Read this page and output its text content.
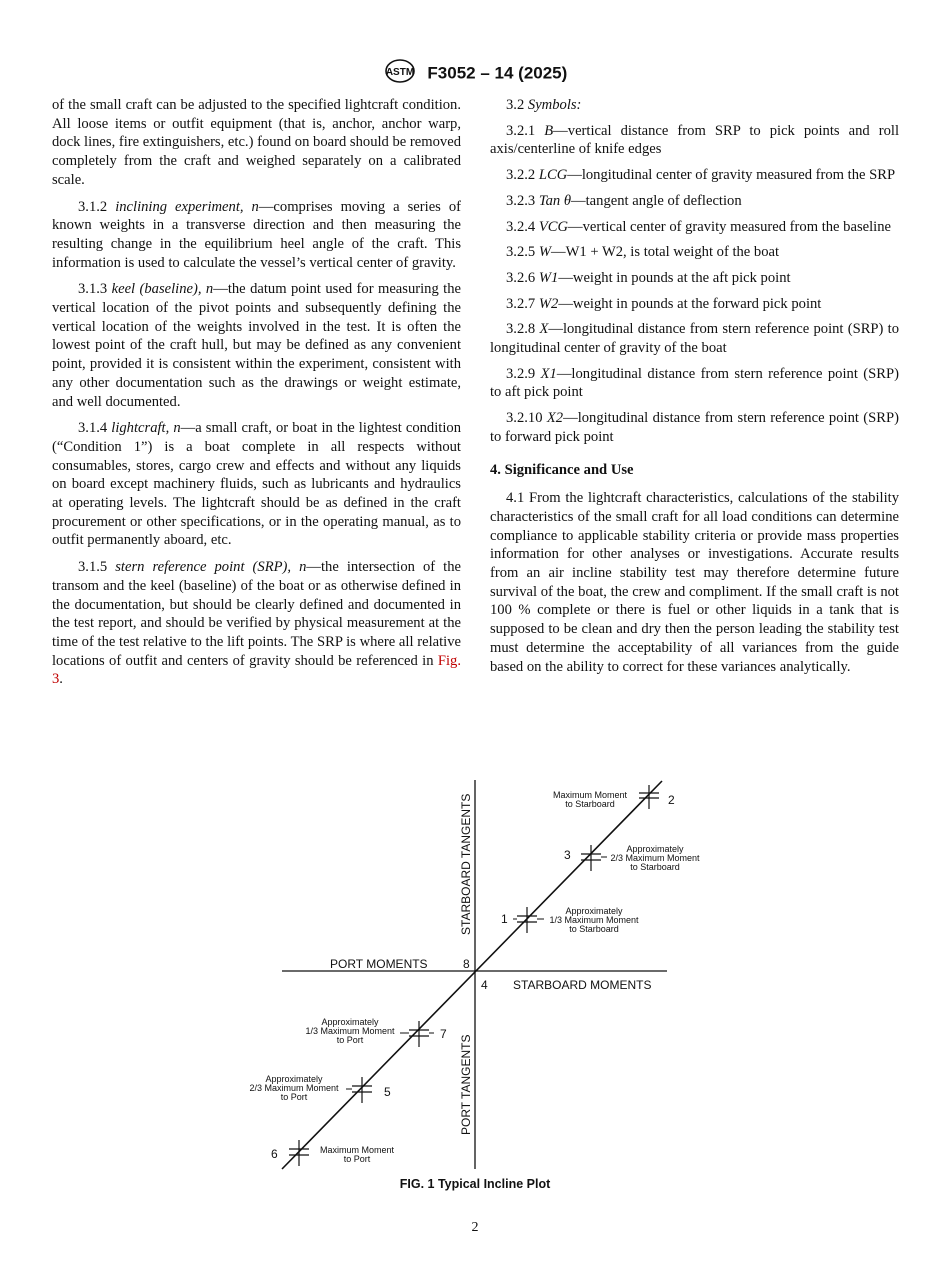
ASTM F3052 – 14 (2025)

of the small craft can be adjusted to the specified lightcraft condition. All loose items or outfit equipment (that is, anchor, anchor warp, dock lines, fire extinguishers, etc.) found on board should be removed completely from the craft and weighed separately on a calibrated scale.

3.1.2 inclining experiment, n—comprises moving a series of known weights in a transverse direction and then measuring the resulting change in the equilibrium heel angle of the craft. This information is used to calculate the vessel’s vertical center of gravity.

3.1.3 keel (baseline), n—the datum point used for measuring the vertical location of the pivot points and subsequently defining the vertical location of the weights involved in the test. It is often the lowest point of the craft hull, but may be defined as any convenient point, provided it is consistent within the experiment, consistent with any other documentation such as the drawings or weight estimate, and well documented.

3.1.4 lightcraft, n—a small craft, or boat in the lightest condition (“Condition 1”) is a boat complete in all respects without consumables, stores, cargo crew and effects and without any liquids on board except machinery fluids, such as lubricants and hydraulics at operating levels. The lightcraft should be as defined in the craft procurement or other specifications, or in the operating manual, as to outfit permanently aboard, etc.

3.1.5 stern reference point (SRP), n—the intersection of the transom and the keel (baseline) of the boat or as otherwise defined in the documentation, but should be clearly defined and documented in the test report, and should be verified by physical measurement at the time of the test relative to the lift points. The SRP is where all relative locations of outfit and centers of gravity should be referenced in Fig. 3.

3.2 Symbols:

3.2.1 B—vertical distance from SRP to pick points and roll axis/centerline of knife edges

3.2.2 LCG—longitudinal center of gravity measured from the SRP

3.2.3 Tan θ—tangent angle of deflection

3.2.4 VCG—vertical center of gravity measured from the baseline

3.2.5 W—W1 + W2, is total weight of the boat

3.2.6 W1—weight in pounds at the aft pick point

3.2.7 W2—weight in pounds at the forward pick point

3.2.8 X—longitudinal distance from stern reference point (SRP) to longitudinal center of gravity of the boat

3.2.9 X1—longitudinal distance from stern reference point (SRP) to aft pick point

3.2.10 X2—longitudinal distance from stern reference point (SRP) to forward pick point

4. Significance and Use

4.1 From the lightcraft characteristics, calculations of the stability characteristics of the small craft for all load conditions can determine compliance to applicable stability criteria or provide mass properties information for other analyses or investigations. Accurate results from an air incline stability test may therefore determine future survival of the boat, the crew and compliment. If the small craft is not 100 % complete or there is fuel or other liquids in a tank that is supposed to be clean and dry then the person leading the stability test must determine the acceptability of all variances from the guide based on the ability to correct for these variances analytically.

PORT MOMENTS
STARBOARD MOMENTS
STARBOARD TANGENTS
PORT TANGENTS
8
4
2
Maximum Moment
to Starboard
3	Approximately
2/3 Maximum Moment
to Starboard
1
Approximately
1/3 Maximum Moment
to Starboard
7
Approximately
1/3 Maximum Moment
to Port
5
Approximately
2/3 Maximum Moment
to Port
6	Maximum Moment
to Port
FIG. 1 Typical Incline Plot
2
